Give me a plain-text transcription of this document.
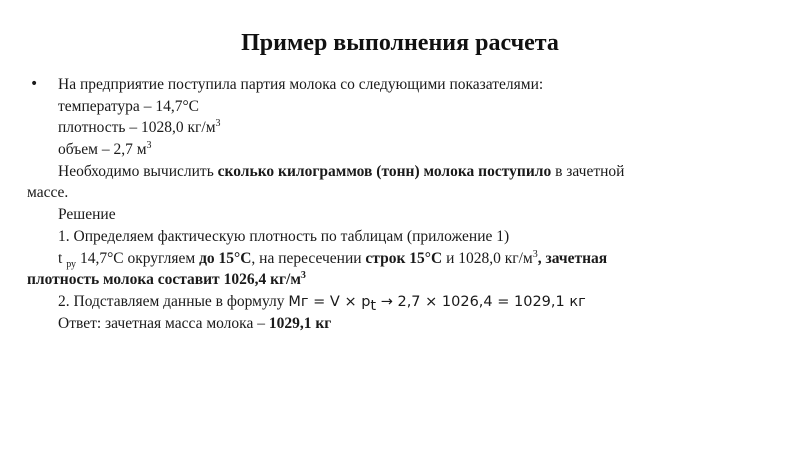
Пример выполнения расчета
• На предприятие поступила партия молока со следующими показателями:
температура – 14,7°С
плотность – 1028,0 $кг/м^3$
объем – 2,7 $м^3$
Необходимо вычислить сколько килограммов (тонн) молока поступило в зачетной
массе.
Решение
1. Определяем фактическую плотность по таблицам (приложение 1)
t $_{ру}$ 14,7°С округляем до 15°С, на пересечении строк 15°С и 1028,0 $кг/м^3$, зачетная
плотность молока составит 1026,4 $кг/м^3$
2. Подставляем данные в формулу Мг = $V \times p_t \to 2,7 \times 1026,4 = 1029,1$ кг
Ответ: зачетная масса молока – 1029,1 кг
